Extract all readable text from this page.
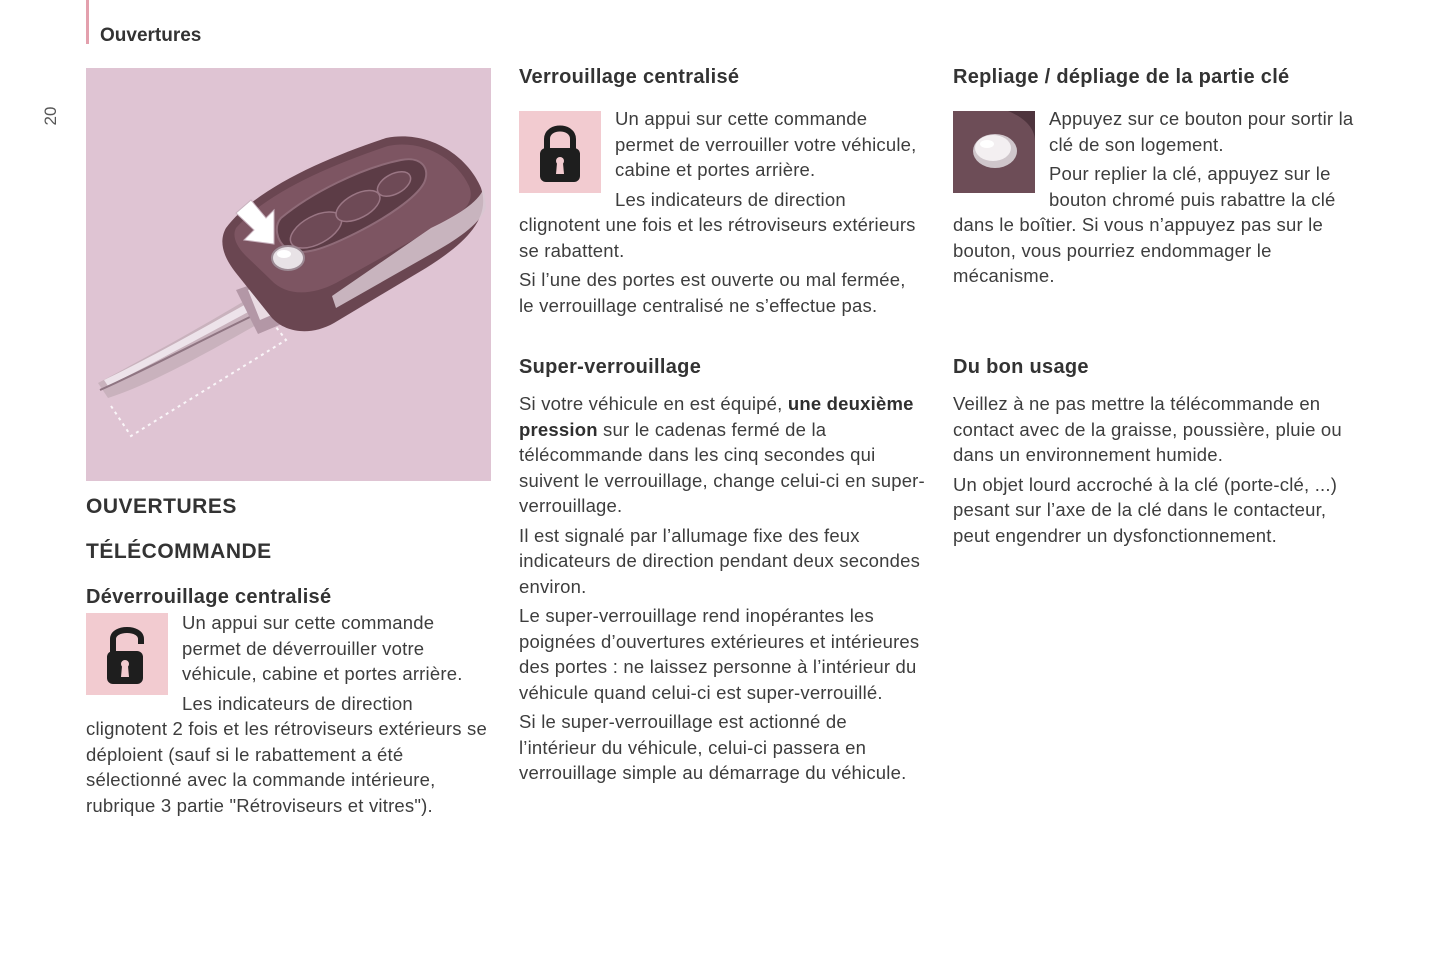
Ouvertures
20
OUVERTURES
TÉLÉCOMMANDE
Déverrouillage centralisé

Un appui sur cette commande permet de déverrouiller votre véhicule, cabine et portes arrière.

Les indicateurs de direction clignotent 2 fois et les rétroviseurs extérieurs se déploient (sauf si le rabattement a été sélectionné avec la commande intérieure, rubrique 3 partie "Rétroviseurs et vitres").

Verrouillage centralisé

Un appui sur cette commande permet de verrouiller votre véhicule, cabine et portes arrière.

Les indicateurs de direction clignotent une fois et les rétroviseurs extérieurs se rabattent.

Si l’une des portes est ouverte ou mal fermée, le verrouillage centralisé ne s’effectue pas.

Super-verrouillage

Si votre véhicule en est équipé, une deuxième pression sur le cadenas fermé de la télécommande dans les cinq secondes qui suivent le verrouillage, change celui-ci en super-verrouillage.

Il est signalé par l’allumage fixe des feux indicateurs de direction pendant deux secondes environ.

Le super-verrouillage rend inopérantes les poignées d’ouvertures extérieures et intérieures des portes : ne laissez personne à l’intérieur du véhicule quand celui-ci est super-verrouillé.

Si le super-verrouillage est actionné de l’intérieur du véhicule, celui-ci passera en verrouillage simple au démarrage du véhicule.

Repliage / dépliage de la partie clé

Appuyez sur ce bouton pour sortir la clé de son logement.

Pour replier la clé, appuyez sur le bouton chromé puis rabattre la clé dans le boîtier. Si vous n’appuyez pas sur le bouton, vous pourriez endommager le mécanisme.

Du bon usage

Veillez à ne pas mettre la télécommande en contact avec de la graisse, poussière, pluie ou dans un environnement humide.

Un objet lourd accroché à la clé (porte-clé, ...) pesant sur l’axe de la clé dans le contacteur, peut engendrer un dysfonctionnement.
